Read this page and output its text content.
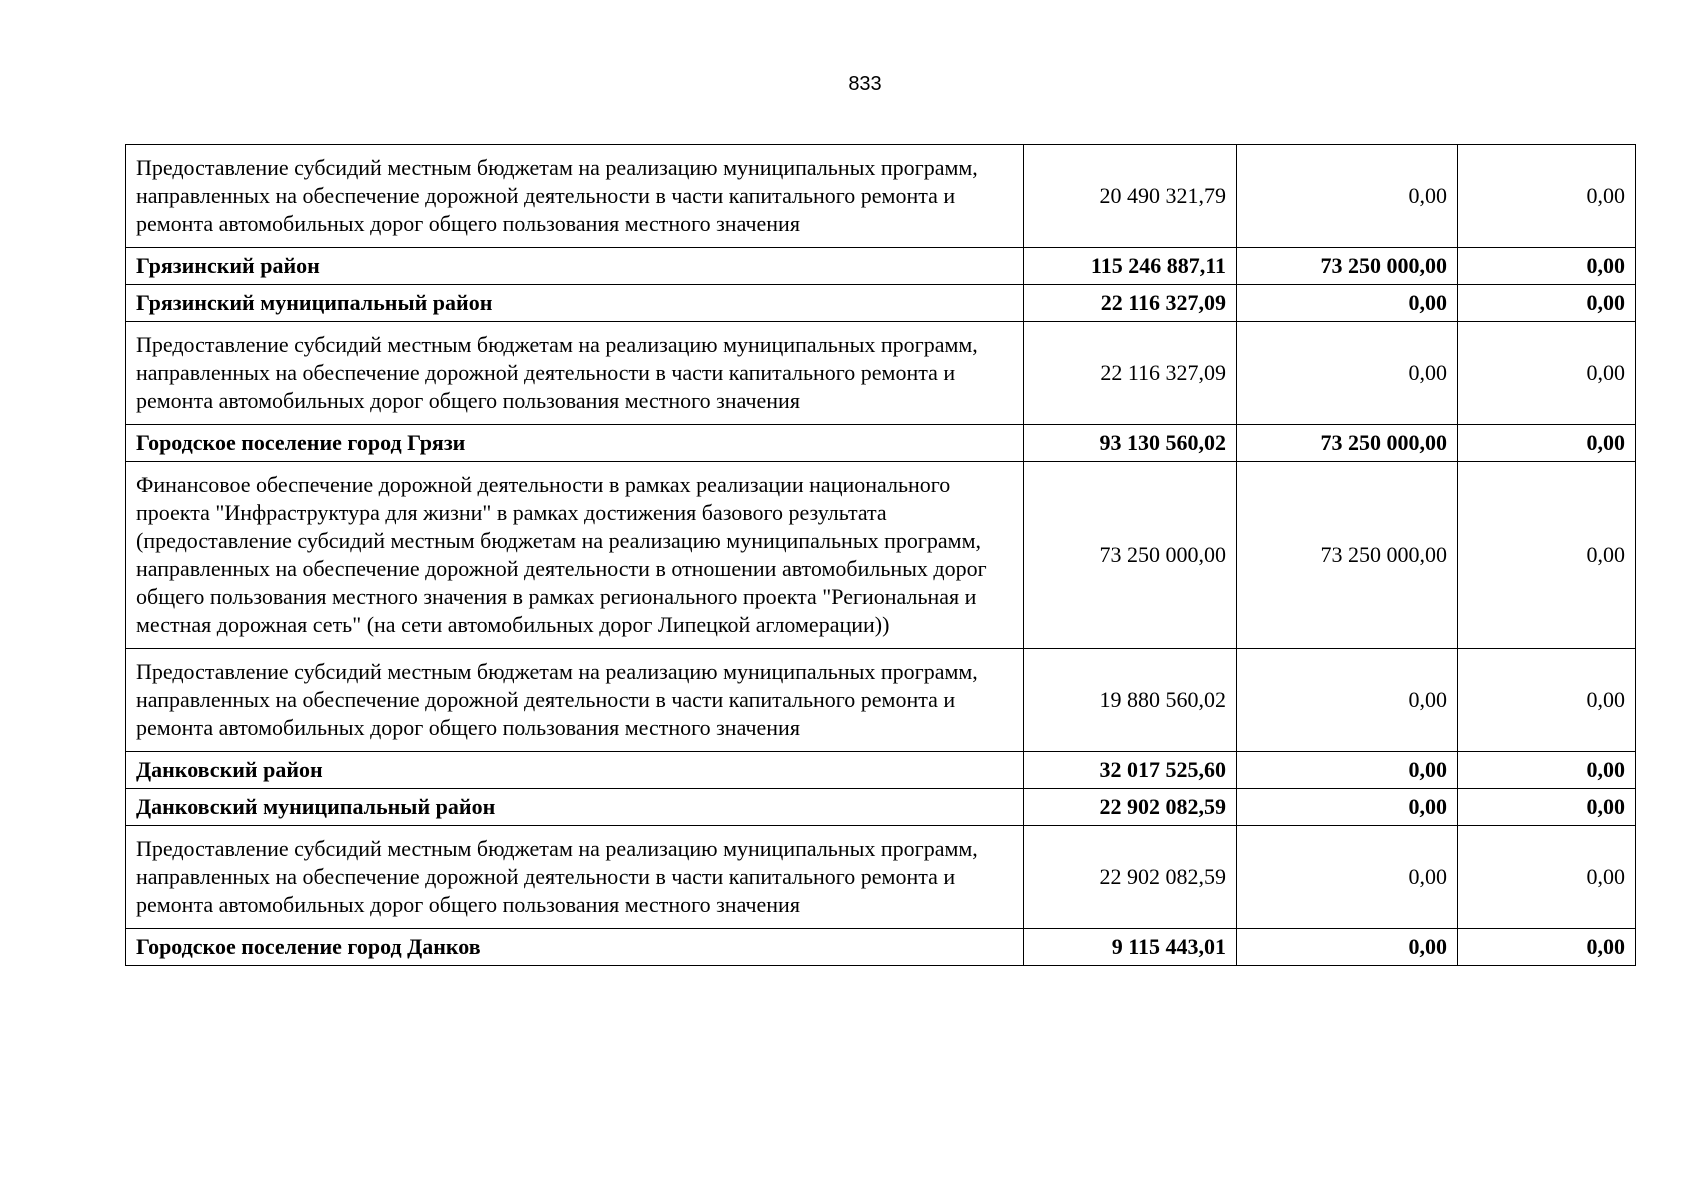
833
Предоставление субсидий местным бюджетам на реализацию муниципальных программ, направленных на обеспечение дорожной деятельности в части капитального ремонта и ремонта автомобильных дорог общего пользования местного значения	20 490 321,79	0,00	0,00
Грязинский район	115 246 887,11	73 250 000,00	0,00
Грязинский муниципальный район	22 116 327,09	0,00	0,00
Предоставление субсидий местным бюджетам на реализацию муниципальных программ, направленных на обеспечение дорожной деятельности в части капитального ремонта и ремонта автомобильных дорог общего пользования местного значения	22 116 327,09	0,00	0,00
Городское поселение город Грязи	93 130 560,02	73 250 000,00	0,00
Финансовое обеспечение дорожной деятельности в рамках реализации национального проекта "Инфраструктура для жизни" в рамках достижения базового результата (предоставление субсидий местным бюджетам на реализацию муниципальных программ, направленных на обеспечение дорожной деятельности в отношении автомобильных дорог общего пользования местного значения в рамках регионального проекта "Региональная и местная дорожная сеть" (на сети автомобильных дорог Липецкой агломерации))	73 250 000,00	73 250 000,00	0,00
Предоставление субсидий местным бюджетам на реализацию муниципальных программ, направленных на обеспечение дорожной деятельности в части капитального ремонта и ремонта автомобильных дорог общего пользования местного значения	19 880 560,02	0,00	0,00
Данковский район	32 017 525,60	0,00	0,00
Данковский муниципальный район	22 902 082,59	0,00	0,00
Предоставление субсидий местным бюджетам на реализацию муниципальных программ, направленных на обеспечение дорожной деятельности в части капитального ремонта и ремонта автомобильных дорог общего пользования местного значения	22 902 082,59	0,00	0,00
Городское поселение город Данков	9 115 443,01	0,00	0,00
